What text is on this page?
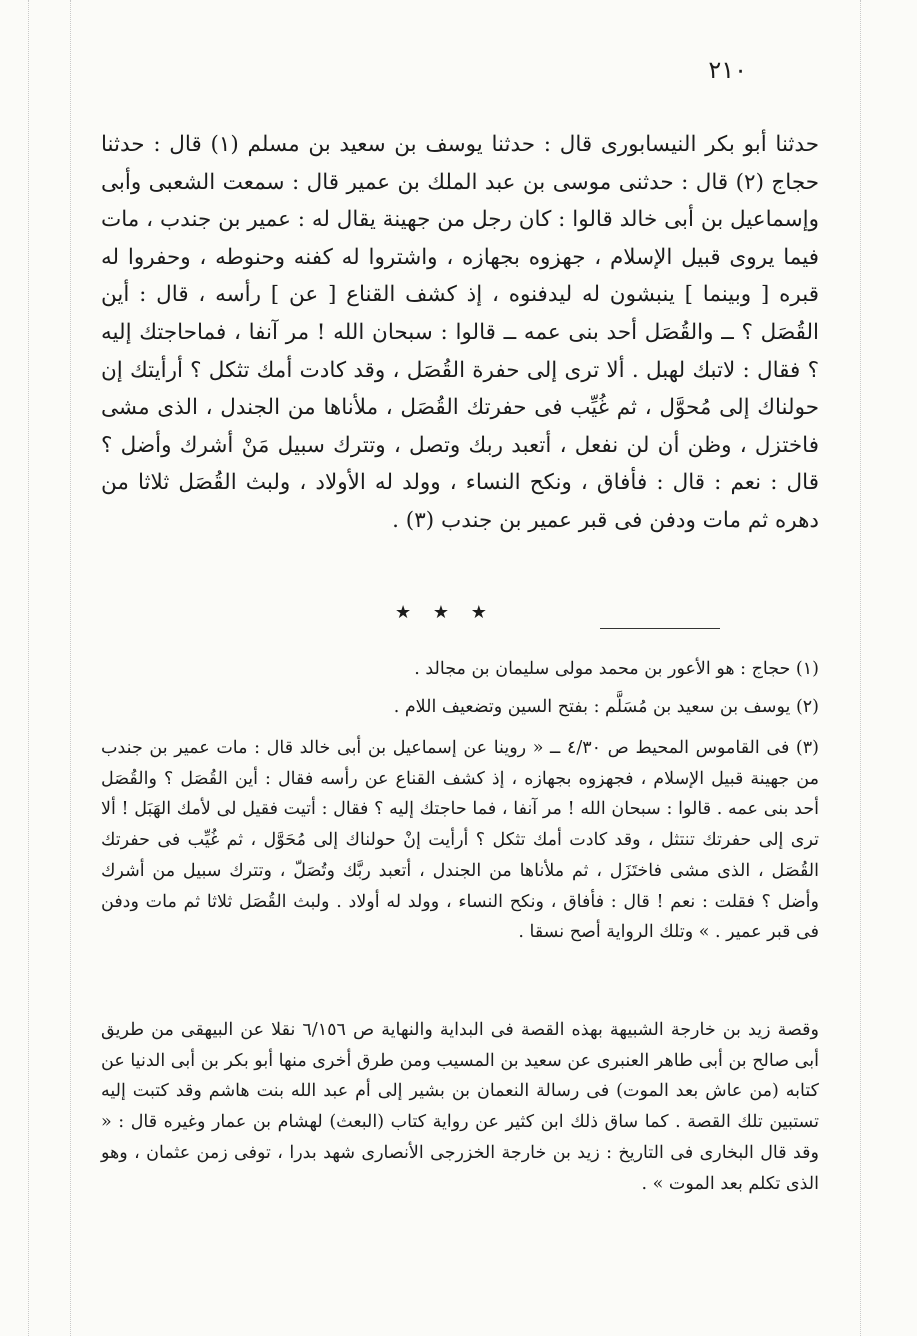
٢١٠

حدثنا أبو بكر النيسابورى قال : حدثنا يوسف بن سعيد بن مسلم (١) قال : حدثنا حجاج (٢) قال : حدثنى موسى بن عبد الملك بن عمير قال : سمعت الشعبى وأبى وإسماعيل بن أبى خالد قالوا : كان رجل من جهينة يقال له : عمير بن جندب ، مات فيما يروى قبيل الإسلام ، جهزوه بجهازه ، واشتروا له كفنه وحنوطه ، وحفروا له قبره [ وبينما ] ينبشون له ليدفنوه ، إذ كشف القناع [ عن ] رأسه ، قال : أين القُصَل ؟ ــ والقُصَل أحد بنى عمه ــ قالوا : سبحان الله ! مر آنفا ، فماحاجتك إليه ؟ فقال : لاتبك لهبل . ألا ترى إلى حفرة القُصَل ، وقد كادت أمك تثكل ؟ أرأيتك إن حولناك إلى مُحوَّل ، ثم غُيِّب فى حفرتك القُصَل ، ملأناها من الجندل ، الذى مشى فاختزل ، وظن أن لن نفعل ، أتعبد ربك وتصل ، وتترك سبيل مَنْ أشرك وأضل ؟ قال : نعم : قال : فأفاق ، ونكح النساء ، وولد له الأولاد ، ولبث القُصَل ثلاثا من دهره ثم مات ودفن فى قبر عمير بن جندب (٣) .

★ ★ ★

(١) حجاج : هو الأعور بن محمد مولى سليمان بن مجالد .

(٢) يوسف بن سعيد بن مُسَلَّم : بفتح السين وتضعيف اللام .

(٣) فى القاموس المحيط ص ٤/٣٠ ــ « روينا عن إسماعيل بن أبى خالد قال : مات عمير بن جندب من جهينة قبيل الإسلام ، فجهزوه بجهازه ، إذ كشف القناع عن رأسه فقال : أين القُصَل ؟ والقُصَل أحد بنى عمه . قالوا : سبحان الله ! مر آنفا ، فما حاجتك إليه ؟ فقال : أتيت فقيل لى لأمك الهَبَل ! ألا ترى إلى حفرتك تنتثل ، وقد كادت أمك تثكل ؟ أرأيت إنْ حولناك إلى مُحَوَّل ، ثم غُيِّب فى حفرتك القُصَل ، الذى مشى فاختَزَل ، ثم ملأناها من الجندل ، أتعبد ربَّك وتُصَلّ ، وتترك سبيل من أشرك وأضل ؟ فقلت : نعم ! قال : فأفاق ، ونكح النساء ، وولد له أولاد . ولبث القُصَل ثلاثا ثم مات ودفن فى قبر عمير . » وتلك الرواية أصح نسقا .

وقصة زيد بن خارجة الشبيهة بهذه القصة فى البداية والنهاية ص ٦/١٥٦ نقلا عن البيهقى من طريق أبى صالح بن أبى طاهر العنبرى عن سعيد بن المسيب ومن طرق أخرى منها أبو بكر بن أبى الدنيا عن كتابه (من عاش بعد الموت) فى رسالة النعمان بن بشير إلى أم عبد الله بنت هاشم وقد كتبت إليه تستبين تلك القصة . كما ساق ذلك ابن كثير عن رواية كتاب (البعث) لهشام بن عمار وغيره قال : « وقد قال البخارى فى التاريخ : زيد بن خارجة الخزرجى الأنصارى شهد بدرا ، توفى زمن عثمان ، وهو الذى تكلم بعد الموت » .
